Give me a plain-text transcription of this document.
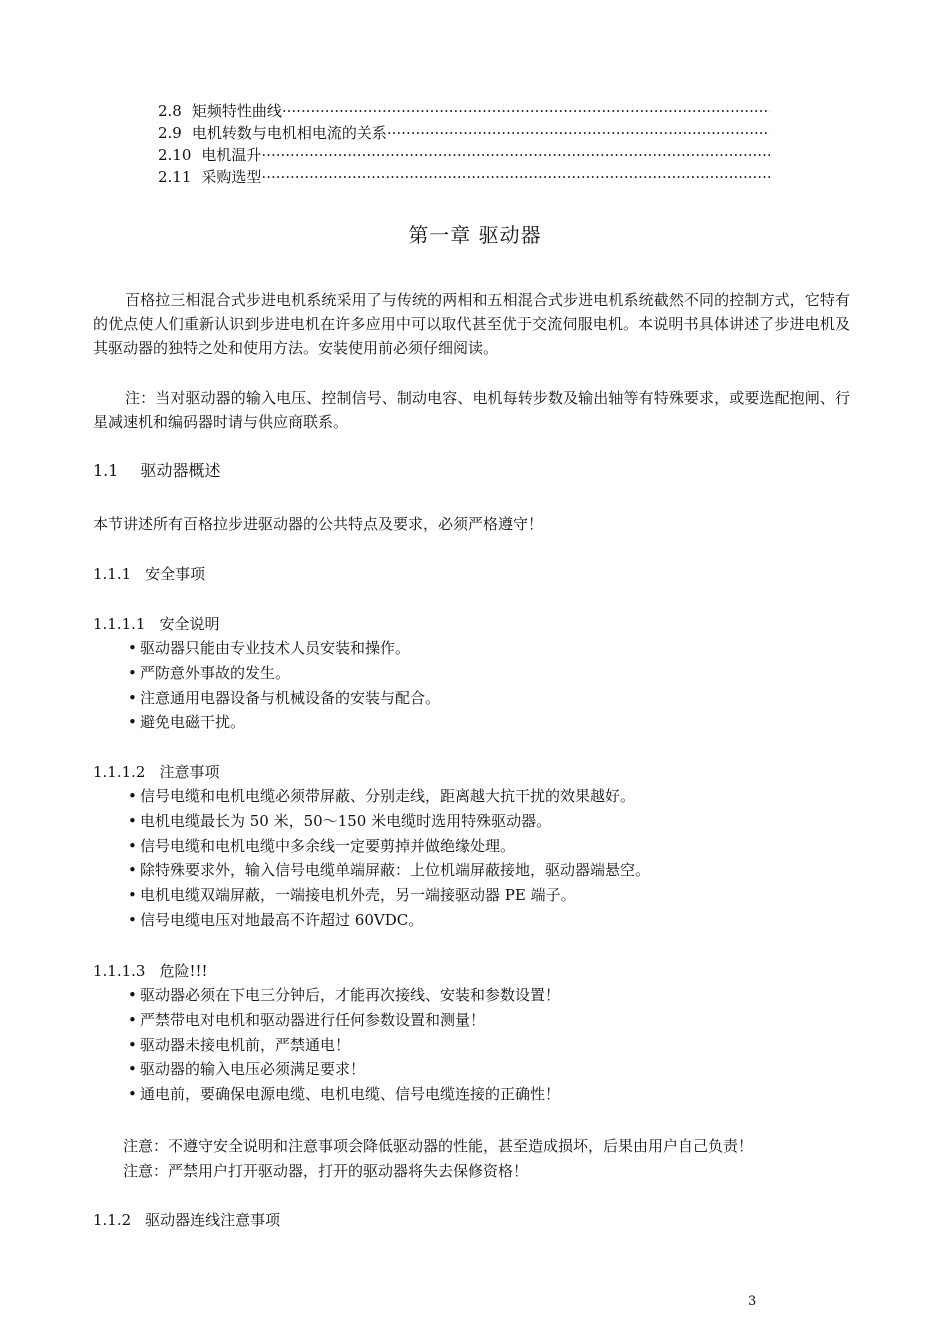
2.8 矩频特性曲线
·····
2.9 电机转数与电机相电流的关系
·····
2.10 电机温升
·····
2.11 采购选型
·····
第一章 驱动器

百格拉三相混合式步进电机系统采用了与传统的两相和五相混合式步进电机系统截然不同的控制方式，它特有的优点使人们重新认识到步进电机在许多应用中可以取代甚至优于交流伺服电机。本说明书具体讲述了步进电机及其驱动器的独特之处和使用方法。安装使用前必须仔细阅读。

注：当对驱动器的输入电压、控制信号、制动电容、电机每转步数及输出轴等有特殊要求，或要选配抱闸、行星减速机和编码器时请与供应商联系。

1.1 驱动器概述
本节讲述所有百格拉步进驱动器的公共特点及要求，必须严格遵守！
1.1.1 安全事项
1.1.1.1 安全说明
• 驱动器只能由专业技术人员安装和操作。
• 严防意外事故的发生。
• 注意通用电器设备与机械设备的安装与配合。
• 避免电磁干扰。
1.1.1.2 注意事项
• 信号电缆和电机电缆必须带屏蔽、分别走线，距离越大抗干扰的效果越好。
• 电机电缆最长为 50 米，50～150 米电缆时选用特殊驱动器。
• 信号电缆和电机电缆中多余线一定要剪掉并做绝缘处理。
• 除特殊要求外，输入信号电缆单端屏蔽：上位机端屏蔽接地，驱动器端悬空。
• 电机电缆双端屏蔽，一端接电机外壳，另一端接驱动器 PE 端子。
• 信号电缆电压对地最高不许超过 60VDC。
1.1.1.3 危险!!!
• 驱动器必须在下电三分钟后，才能再次接线、安装和参数设置！
• 严禁带电对电机和驱动器进行任何参数设置和测量！
• 驱动器未接电机前，严禁通电！
• 驱动器的输入电压必须满足要求！
• 通电前，要确保电源电缆、电机电缆、信号电缆连接的正确性！
注意：不遵守安全说明和注意事项会降低驱动器的性能，甚至造成损坏，后果由用户自己负责！
注意：严禁用户打开驱动器，打开的驱动器将失去保修资格！
1.1.2 驱动器连线注意事项
3
